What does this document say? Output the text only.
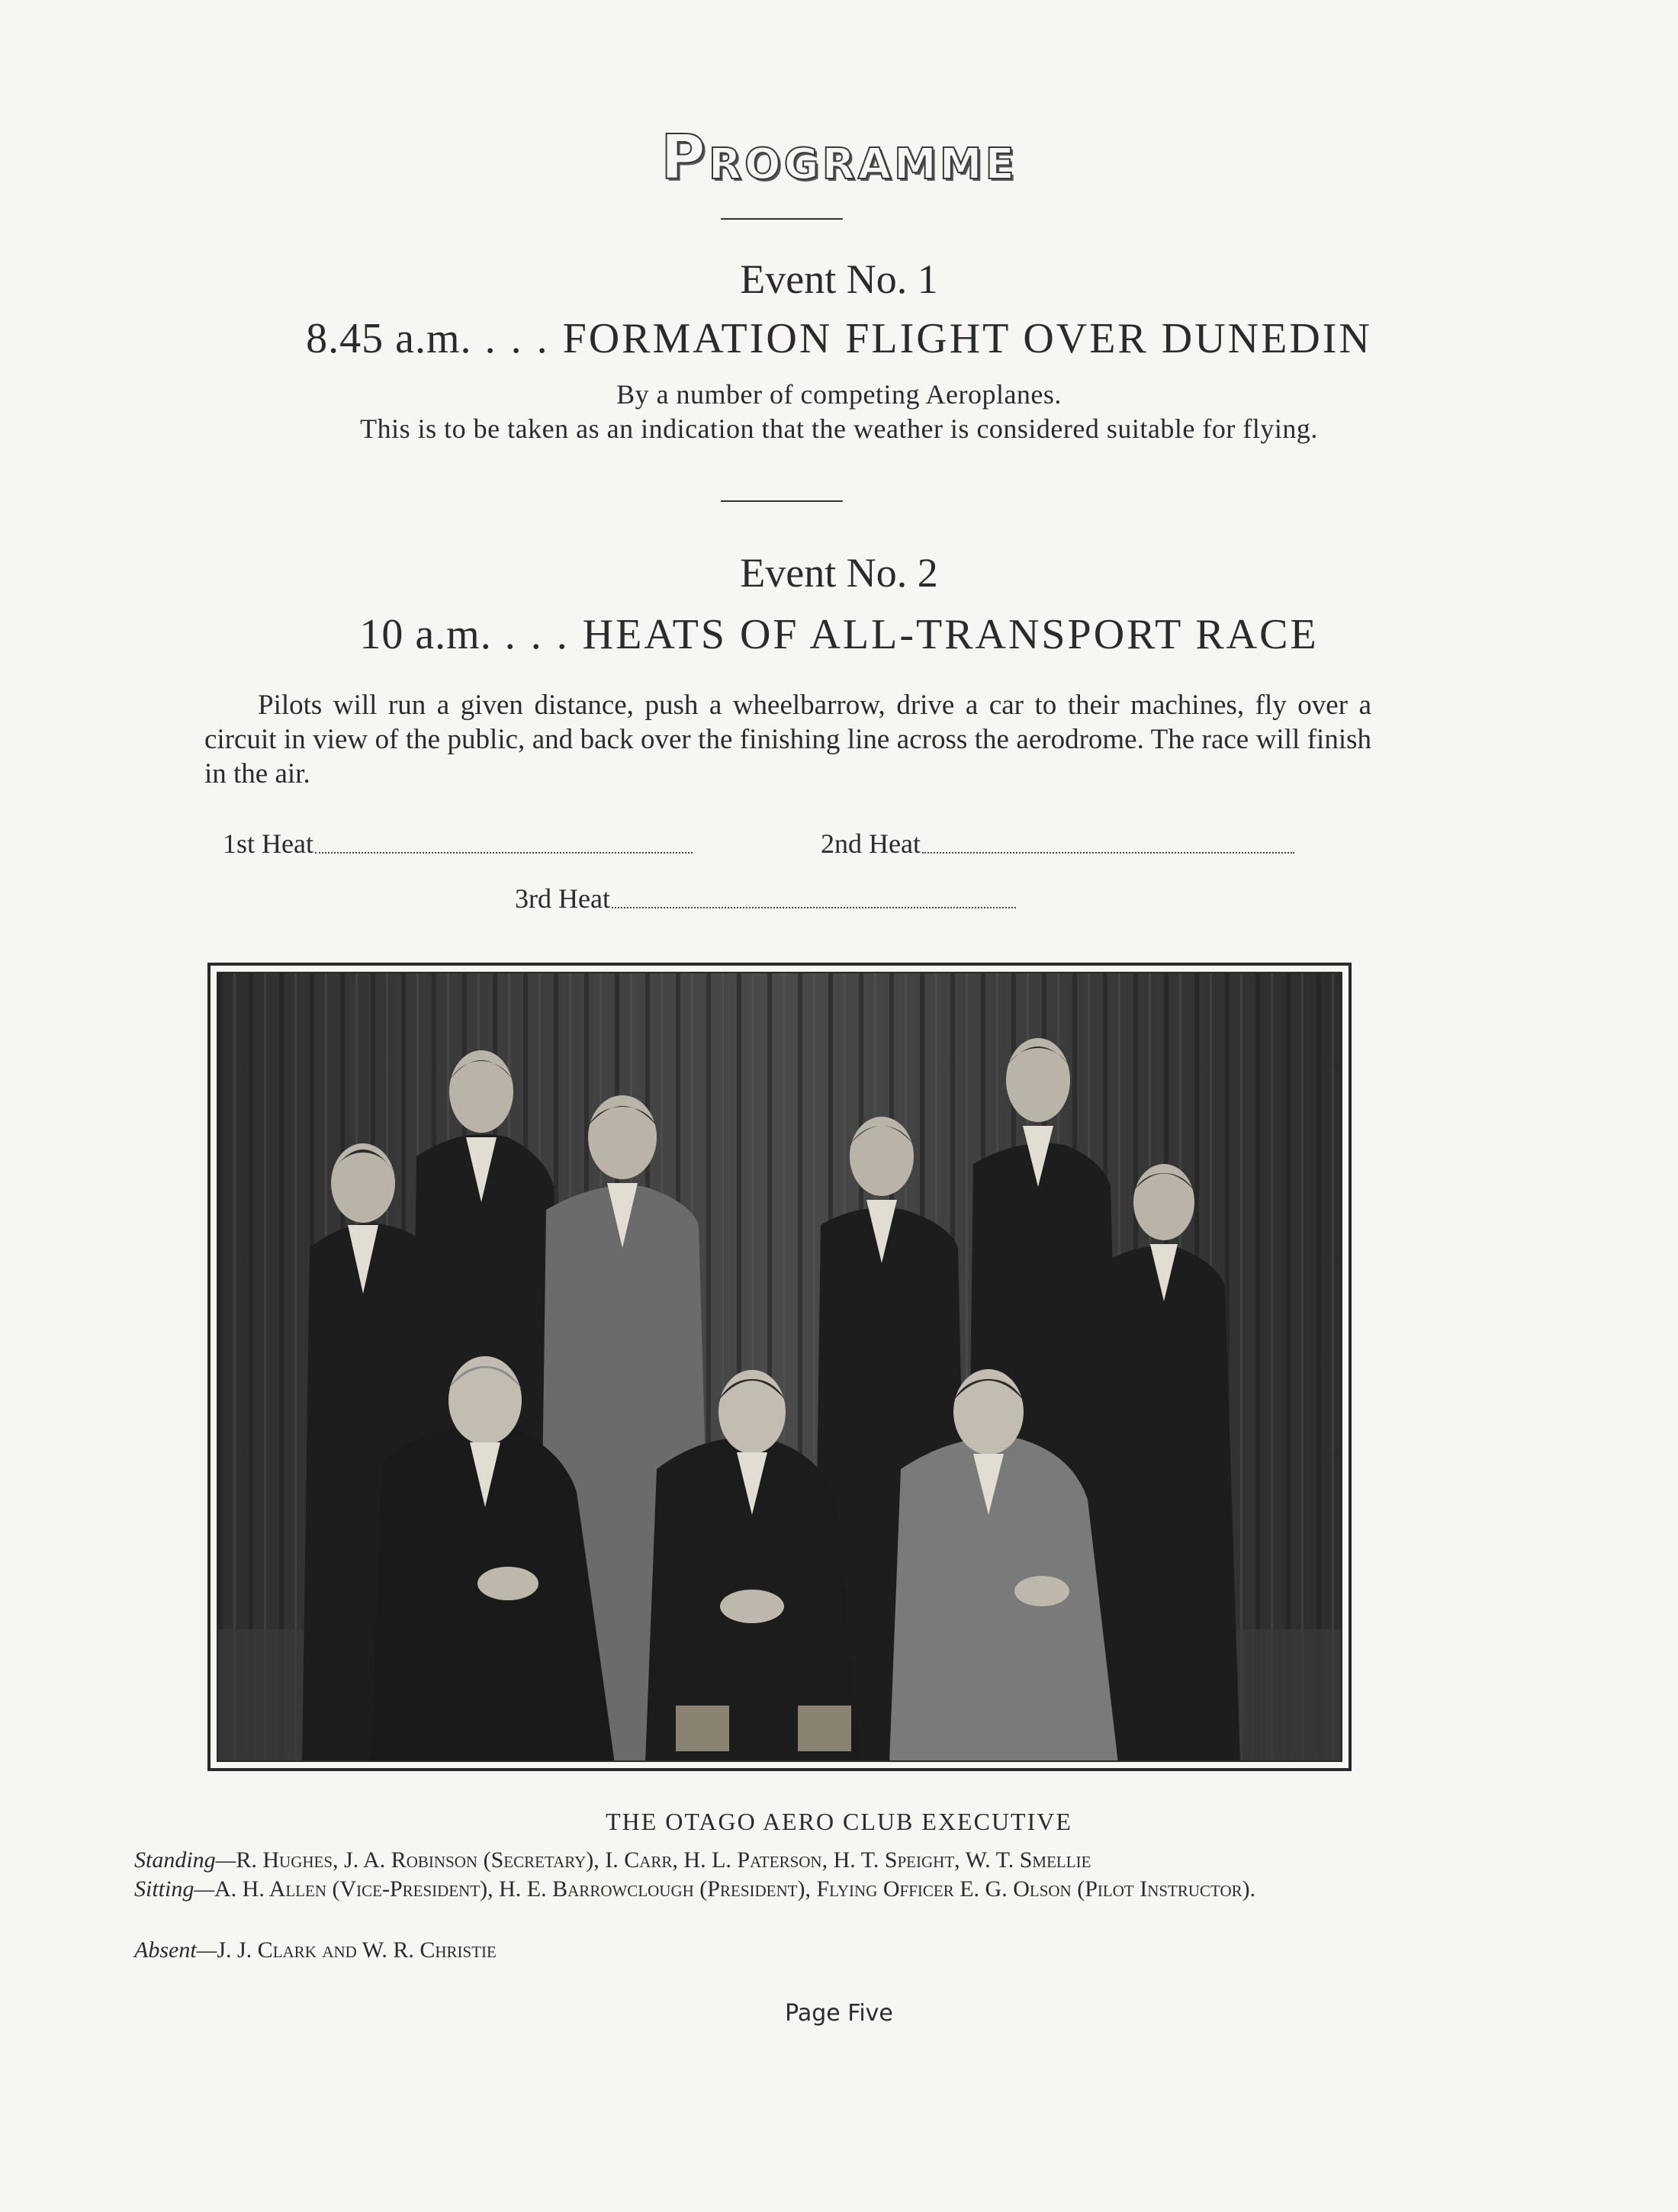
Programme
Event No. 1
8.45 a.m. . . . FORMATION FLIGHT OVER DUNEDIN
By a number of competing Aeroplanes.
This is to be taken as an indication that the weather is considered suitable for flying.
Event No. 2
10 a.m. . . . HEATS OF ALL-TRANSPORT RACE
Pilots will run a given distance, push a wheelbarrow, drive a car to their machines, fly over a circuit in view of the public, and back over the finishing line across the aerodrome. The race will finish in the air.
1st Heat	2nd Heat
3rd Heat
THE OTAGO AERO CLUB EXECUTIVE
Standing—R. Hughes, J. A. Robinson (Secretary), I. Carr, H. L. Paterson, H. T. Speight, W. T. Smellie
Sitting—A. H. Allen (Vice-President), H. E. Barrowclough (President), Flying Officer E. G. Olson (Pilot Instructor).
Absent—J. J. Clark and W. R. Christie
Page Five
